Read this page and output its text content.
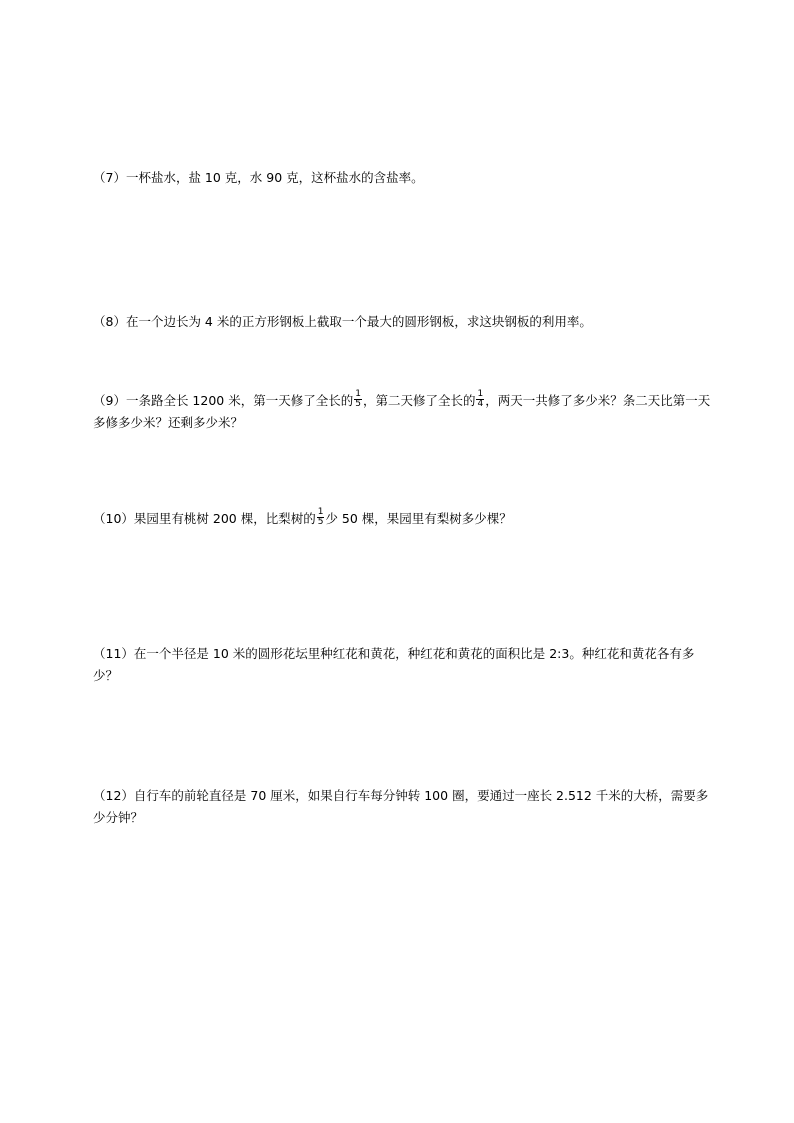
（7）一杯盐水，盐 10 克，水 90 克，这杯盐水的含盐率。
（8）在一个边长为 4 米的正方形钢板上截取一个最大的圆形钢板，求这块钢板的利用率。
（9）一条路全长 1200 米，第一天修了全长的 $\frac{1}{5}$ ，第二天修了全长的 $\frac{1}{4}$ ，两天一共修了多少米？条二天比第一天多修多少米？还剩多少米？
（10）果园里有桃树 200 棵，比梨树的 $\frac{1}{5}$ 少 50 棵，果园里有梨树多少棵？
（11）在一个半径是 10 米的圆形花坛里种红花和黄花，种红花和黄花的面积比是 2:3。种红花和黄花各有多少？
（12）自行车的前轮直径是 70 厘米，如果自行车每分钟转 100 圈，要通过一座长 2.512 千米的大桥，需要多少分钟？
